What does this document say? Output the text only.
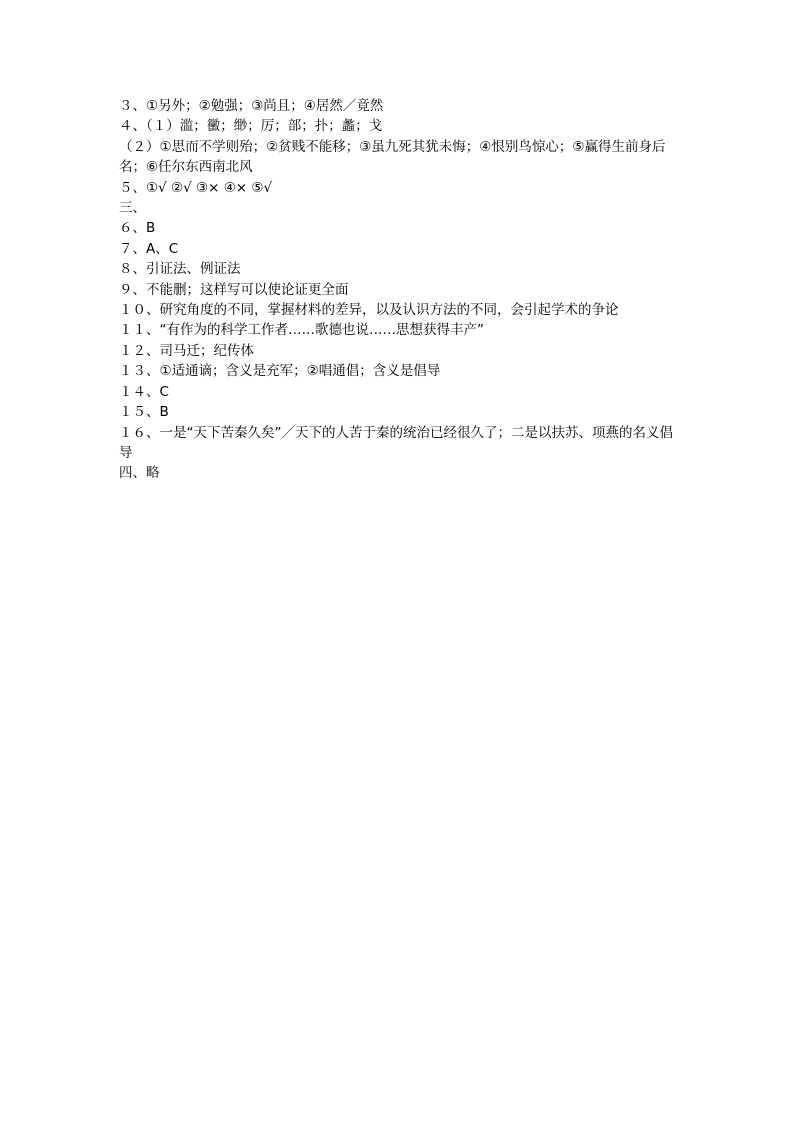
３、①另外；②勉强；③尚且；④居然／竟然
４、（１）滥；黴；缈；厉；部；扑；蠡；戈
（２）①思而不学则殆；②贫贱不能移；③虽九死其犹未悔；④恨别鸟惊心；⑤赢得生前身后名；⑥任尔东西南北风
５、①√ ②√ ③× ④× ⑤√
三、
６、B
７、A、C
８、引证法、例证法
９、不能删；这样写可以使论证更全面
１０、研究角度的不同，掌握材料的差异，以及认识方法的不同，会引起学术的争论
１１、“有作为的科学工作者……歌德也说……思想获得丰产”
１２、司马迁；纪传体
１３、①适通谪；含义是充军；②唱通倡；含义是倡导
１４、C
１５、B
１６、一是“天下苦秦久矣”／天下的人苦于秦的统治已经很久了；二是以扶苏、项燕的名义倡导
四、略
